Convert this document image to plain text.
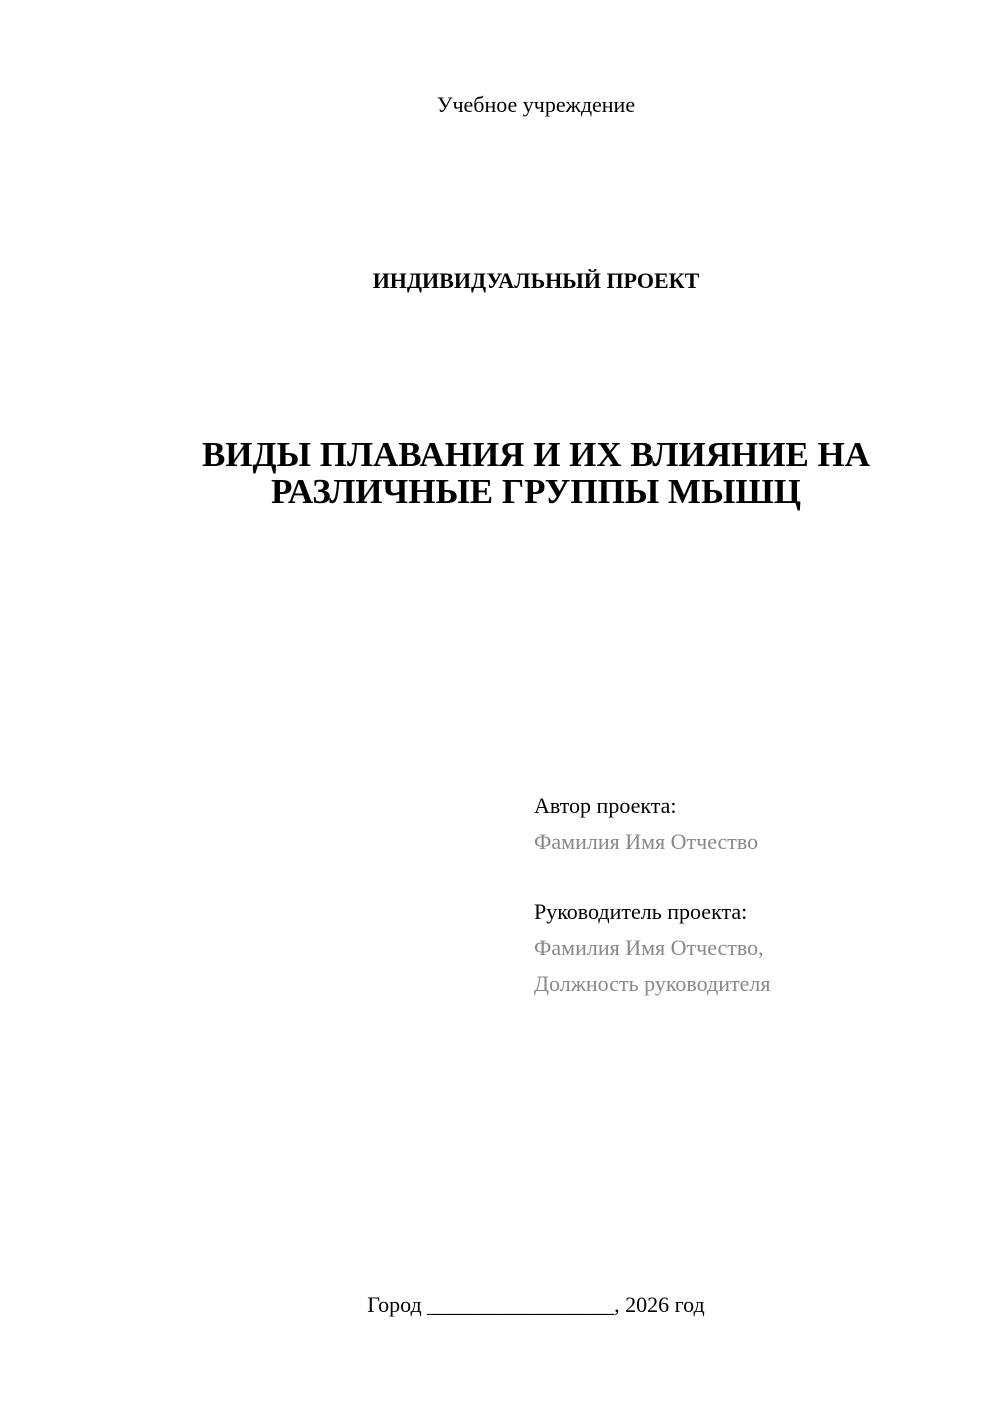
Учебное учреждение
ИНДИВИДУАЛЬНЫЙ ПРОЕКТ
ВИДЫ ПЛАВАНИЯ И ИХ ВЛИЯНИЕ НА
РАЗЛИЧНЫЕ ГРУППЫ МЫШЦ
Автор проекта:
Фамилия Имя Отчество
Руководитель проекта:
Фамилия Имя Отчество,
Должность руководителя
Город _________________, 2026 год
